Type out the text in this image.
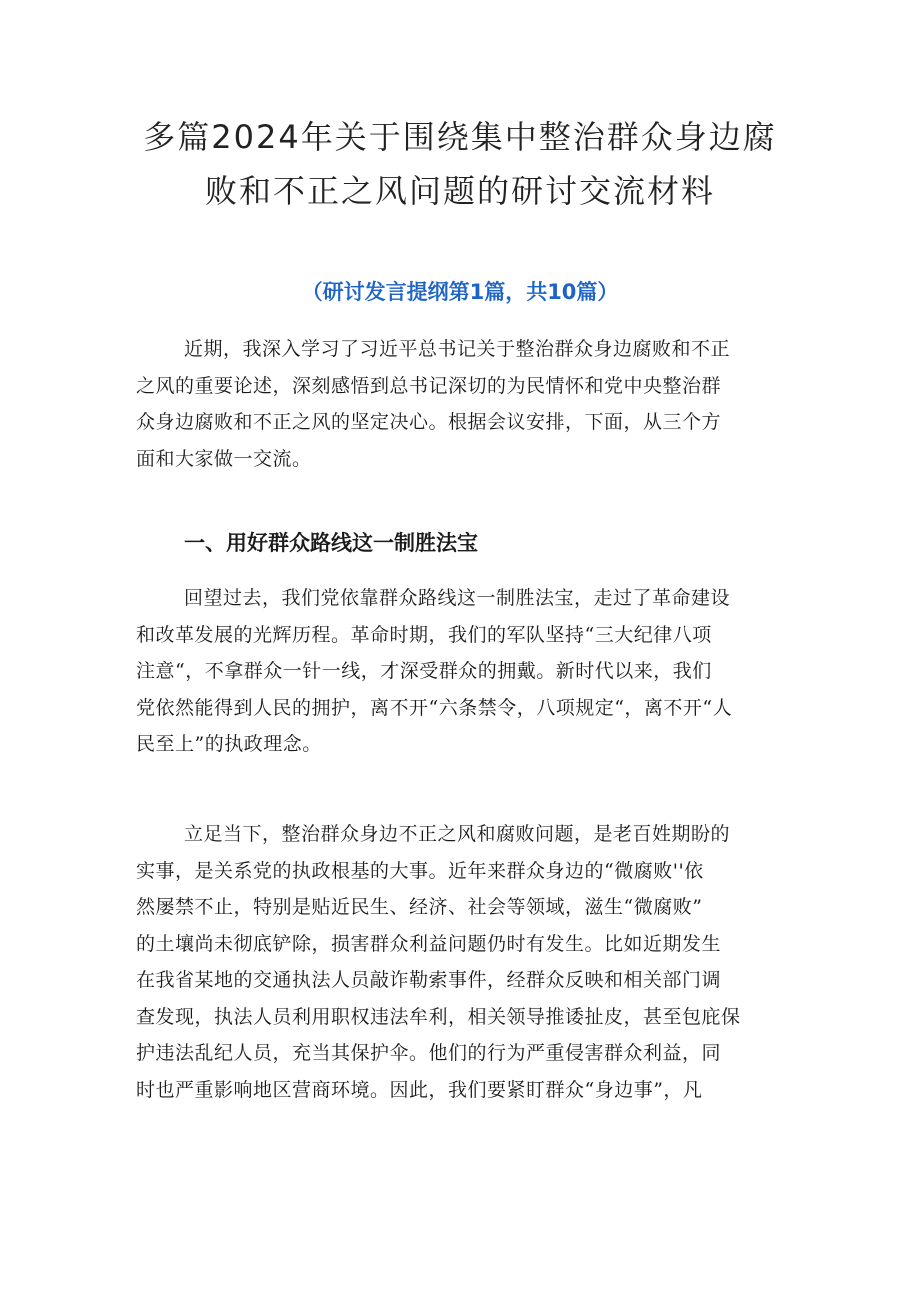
多篇2024年关于围绕集中整治群众身边腐
败和不正之风问题的研讨交流材料
（研讨发言提纲第1篇，共10篇）

近期，我深入学习了习近平总书记关于整治群众身边腐败和不正
之风的重要论述，深刻感悟到总书记深切的为民情怀和党中央整治群
众身边腐败和不正之风的坚定决心。根据会议安排，下面，从三个方
面和大家做一交流。

一、用好群众路线这一制胜法宝

回望过去，我们党依靠群众路线这一制胜法宝，走过了革命建设
和改革发展的光辉历程。革命时期，我们的军队坚持“三大纪律八项
注意“，不拿群众一针一线，才深受群众的拥戴。新时代以来，我们
党依然能得到人民的拥护，离不开“六条禁令，八项规定“，离不开“人
民至上”的执政理念。

立足当下，整治群众身边不正之风和腐败问题，是老百姓期盼的
实事，是关系党的执政根基的大事。近年来群众身边的“微腐败''依
然屡禁不止，特别是贴近民生、经济、社会等领域，滋生“微腐败”
的土壤尚未彻底铲除，损害群众利益问题仍时有发生。比如近期发生
在我省某地的交通执法人员敲诈勒索事件，经群众反映和相关部门调
查发现，执法人员利用职权违法牟利，相关领导推诿扯皮，甚至包庇保
护违法乱纪人员，充当其保护伞。他们的行为严重侵害群众利益，同
时也严重影响地区营商环境。因此，我们要紧盯群众“身边事”，凡
